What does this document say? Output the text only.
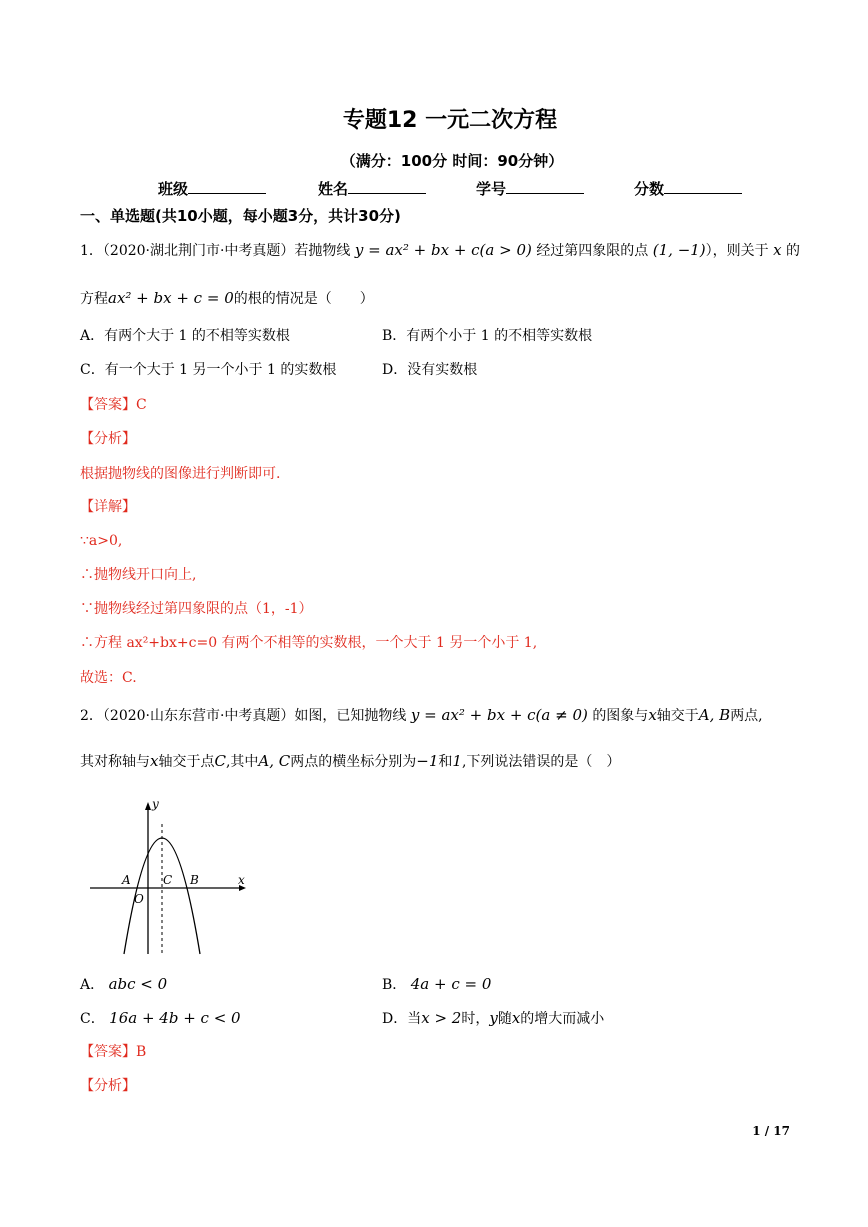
专题12 一元二次方程
（满分：100分 时间：90分钟）
班级	姓名	学号	分数
一、单选题(共10小题，每小题3分，共计30分)
1．（2020·湖北荆门市·中考真题）若抛物线 y = ax² + bx + c(a > 0) 经过第四象限的点 (1, −1)），则关于 x 的
方程ax² + bx + c = 0的根的情况是（　　）
A．有两个大于 1 的不相等实数根	B．有两个小于 1 的不相等实数根
C．有一个大于 1 另一个小于 1 的实数根	D．没有实数根
【答案】C
【分析】
根据抛物线的图像进行判断即可.
【详解】
∵a>0,
∴抛物线开口向上,
∵抛物线经过第四象限的点（1，-1）
∴方程 ax²+bx+c=0 有两个不相等的实数根，一个大于 1 另一个小于 1,
故选：C.
2．（2020·山东东营市·中考真题）如图，已知抛物线 y = ax² + bx + c(a ≠ 0) 的图象与x轴交于A, B两点,
其对称轴与x轴交于点C,其中A, C两点的横坐标分别为−1和1,下列说法错误的是（　）
y
x
A	C B
O
A． abc < 0	B． 4a + c = 0
C． 16a + 4b + c < 0	D．当x > 2时，y随x的增大而减小
【答案】B
【分析】
1 / 17
